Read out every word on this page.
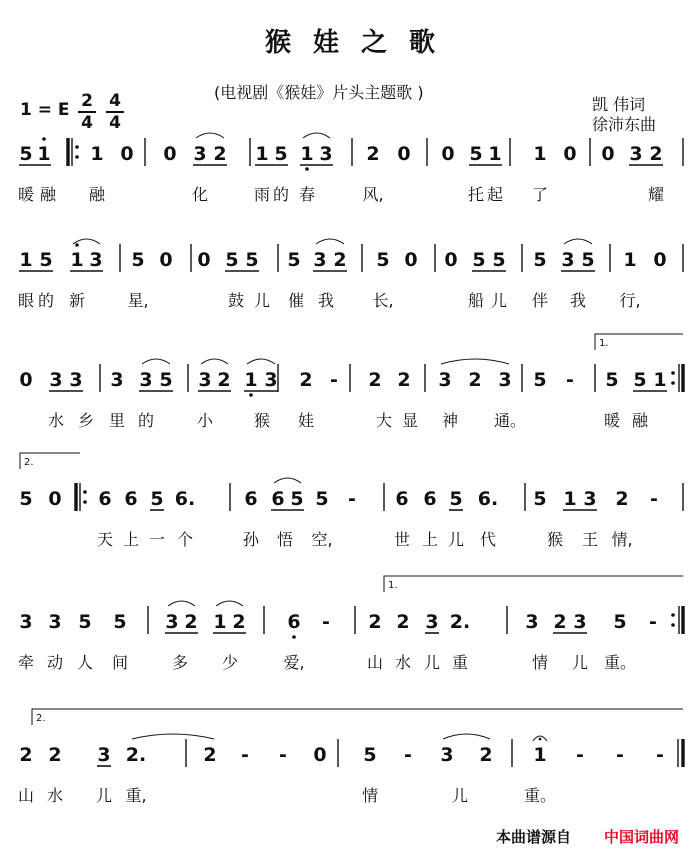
猴娃之歌
(电视剧《猴娃》片头主题歌 )
1 = E 2
4
4
4
凯 伟词
徐沛东曲
5 1 1 0 0 3 2 1 5 1 3 2 0 0 5 1 1 0 0 3 2
暖 融 融	化	雨 的 春	风,	托 起 了	耀
1 5 1 3 5 0 0 5 5 5 3 2 5 0 0 5 5 5 3 5 1 0
眼 的 新	星,	鼓 儿 催 我 长,	船 儿 伴 我 行,
1.
0 3 3 3 3 5 3 2 1 3 2 - 2 2 3 2 3 5 - 5 5 1
水 乡 里 的	小	猴 娃	大 显 神 通。	暖 融
2.
5 0 6 6 5 6.	6 6 5 5 - 6 6 5 6. 5 1 3 2 -
天 上 一 个	孙 悟 空,	世 上 儿 代	猴 王 情,
1.
3 3 5 5 3 2 1 2 6 - 2 2 3 2.	3 2 3 5 -
牵 动 人 间	多 少	爱,	山 水 儿 重	情 儿 重。
2.
2 2 3 2.	2 - - 0 5 - 3 2 1 - - -
山 水 儿 重,	情	儿	重。
本曲谱源自 中国词曲网
